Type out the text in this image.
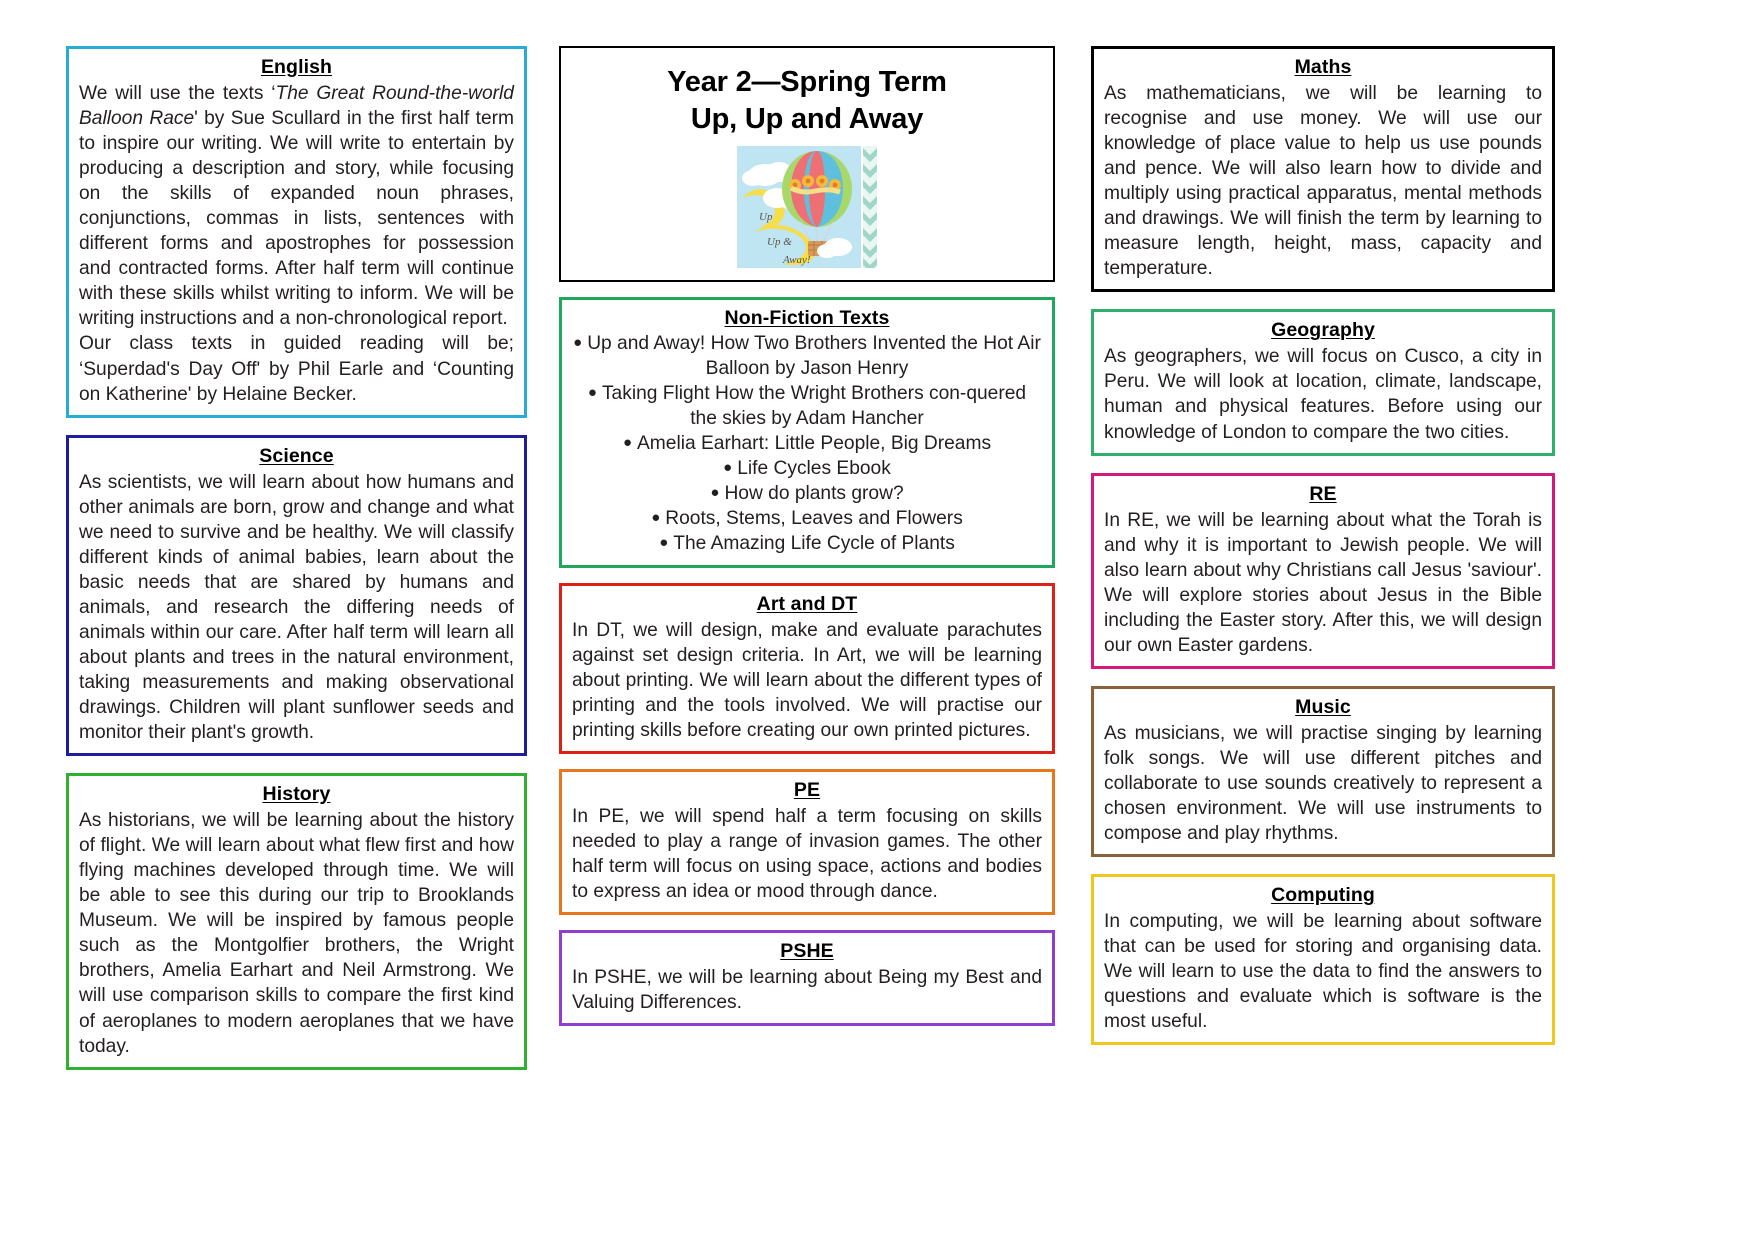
English

We will use the texts ‘The Great Round-the-world Balloon Race' by Sue Scullard in the first half term to inspire our writing. We will write to entertain by producing a description and story, while focusing on the skills of expanded noun phrases, conjunctions, commas in lists, sentences with different forms and apostrophes for possession and contracted forms. After half term will continue with these skills whilst writing to inform. We will be writing instructions and a non-chronological report.

Our class texts in guided reading will be; ‘Superdad's Day Off' by Phil Earle and ‘Counting on Katherine' by Helaine Becker.

Science

As scientists, we will learn about how humans and other animals are born, grow and change and what we need to survive and be healthy. We will classify different kinds of animal babies, learn about the basic needs that are shared by humans and animals, and research the differing needs of animals within our care. After half term will learn all about plants and trees in the natural environment, taking measurements and making observational drawings. Children will plant sunflower seeds and monitor their plant's growth.

History

As historians, we will be learning about the history of flight. We will learn about what flew first and how flying machines developed through time. We will be able to see this during our trip to Brooklands Museum. We will be inspired by famous people such as the Montgolfier brothers, the Wright brothers, Amelia Earhart and Neil Armstrong. We will use comparison skills to compare the first kind of aeroplanes to modern aeroplanes that we have today.

Year 2—Spring Term
Up, Up and Away
Up
Up &
Away!
Non-Fiction Texts
● Up and Away! How Two Brothers Invented the Hot Air Balloon by Jason Henry
● Taking Flight How the Wright Brothers con-quered the skies by Adam Hancher
● Amelia Earhart: Little People, Big Dreams
● Life Cycles Ebook
● How do plants grow?
● Roots, Stems, Leaves and Flowers
● The Amazing Life Cycle of Plants
Art and DT

In DT, we will design, make and evaluate parachutes against set design criteria. In Art, we will be learning about printing. We will learn about the different types of printing and the tools involved. We will practise our printing skills before creating our own printed pictures.

PE

In PE, we will spend half a term focusing on skills needed to play a range of invasion games. The other half term will focus on using space, actions and bodies to express an idea or mood through dance.

PSHE

In PSHE, we will be learning about Being my Best and Valuing Differences.

Maths

As mathematicians, we will be learning to recognise and use money. We will use our knowledge of place value to help us use pounds and pence. We will also learn how to divide and multiply using practical apparatus, mental methods and drawings. We will finish the term by learning to measure length, height, mass, capacity and temperature.

Geography

As geographers, we will focus on Cusco, a city in Peru. We will look at location, climate, landscape, human and physical features. Before using our knowledge of London to compare the two cities.

RE

In RE, we will be learning about what the Torah is and why it is important to Jewish people. We will also learn about why Christians call Jesus 'saviour'. We will explore stories about Jesus in the Bible including the Easter story. After this, we will design our own Easter gardens.

Music

As musicians, we will practise singing by learning folk songs. We will use different pitches and collaborate to use sounds creatively to represent a chosen environment. We will use instruments to compose and play rhythms.

Computing

In computing, we will be learning about software that can be used for storing and organising data. We will learn to use the data to find the answers to questions and evaluate which is software is the most useful.
